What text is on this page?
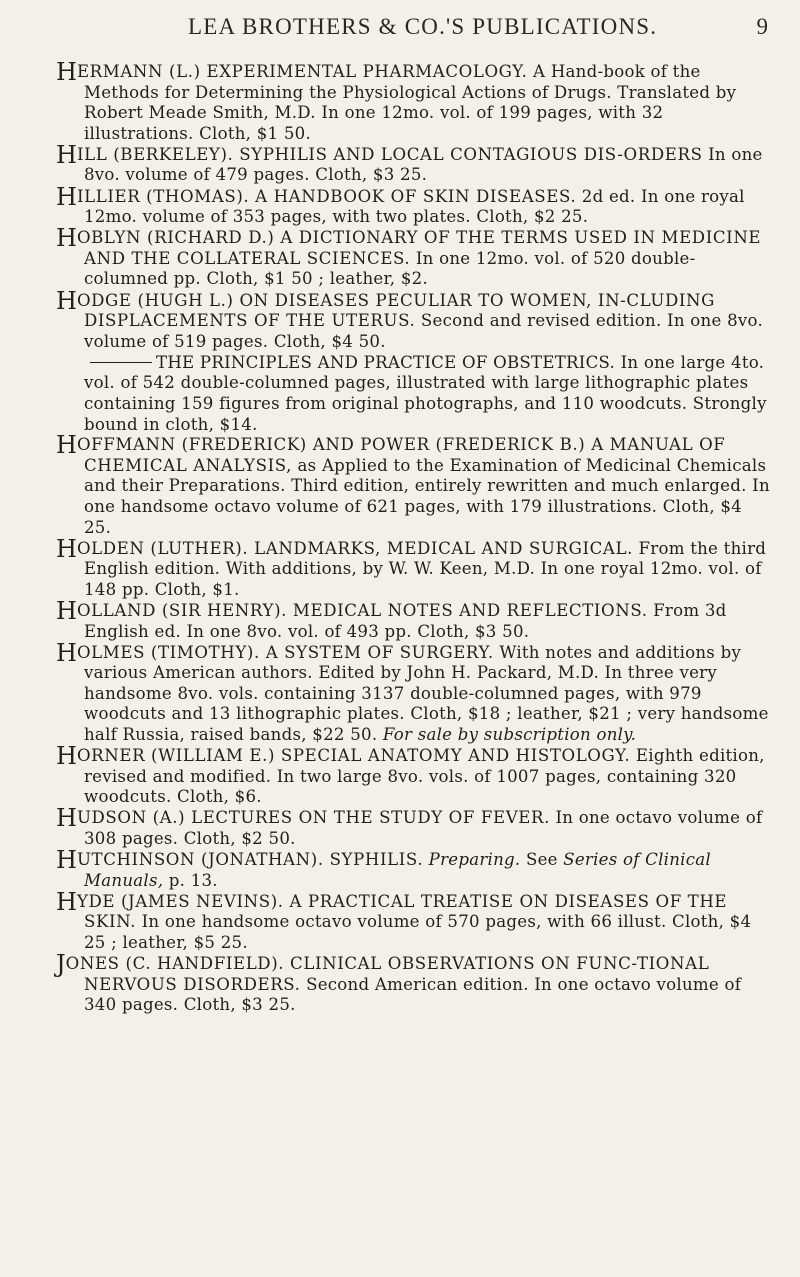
LEA BROTHERS & CO.'S PUBLICATIONS.	9
HERMANN (L.) EXPERIMENTAL PHARMACOLOGY. A Hand-book of the Methods for Determining the Physiological Actions of Drugs. Translated by Robert Meade Smith, M.D. In one 12mo. vol. of 199 pages, with 32 illustrations. Cloth, $1 50.
HILL (BERKELEY). SYPHILIS AND LOCAL CONTAGIOUS DIS-ORDERS In one 8vo. volume of 479 pages. Cloth, $3 25.
HILLIER (THOMAS). A HANDBOOK OF SKIN DISEASES. 2d ed. In one royal 12mo. volume of 353 pages, with two plates. Cloth, $2 25.
HOBLYN (RICHARD D.) A DICTIONARY OF THE TERMS USED IN MEDICINE AND THE COLLATERAL SCIENCES. In one 12mo. vol. of 520 double-columned pp. Cloth, $1 50 ; leather, $2.
HODGE (HUGH L.) ON DISEASES PECULIAR TO WOMEN, IN-CLUDING DISPLACEMENTS OF THE UTERUS. Second and revised edition. In one 8vo. volume of 519 pages. Cloth, $4 50.
THE PRINCIPLES AND PRACTICE OF OBSTETRICS. In one large 4to. vol. of 542 double-columned pages, illustrated with large lithographic plates containing 159 figures from original photographs, and 110 woodcuts. Strongly bound in cloth, $14.
HOFFMANN (FREDERICK) AND POWER (FREDERICK B.) A MANUAL OF CHEMICAL ANALYSIS, as Applied to the Examination of Medicinal Chemicals and their Preparations. Third edition, entirely rewritten and much enlarged. In one handsome octavo volume of 621 pages, with 179 illustrations. Cloth, $4 25.
HOLDEN (LUTHER). LANDMARKS, MEDICAL AND SURGICAL. From the third English edition. With additions, by W. W. Keen, M.D. In one royal 12mo. vol. of 148 pp. Cloth, $1.
HOLLAND (SIR HENRY). MEDICAL NOTES AND REFLECTIONS. From 3d English ed. In one 8vo. vol. of 493 pp. Cloth, $3 50.
HOLMES (TIMOTHY). A SYSTEM OF SURGERY. With notes and additions by various American authors. Edited by John H. Packard, M.D. In three very handsome 8vo. vols. containing 3137 double-columned pages, with 979 woodcuts and 13 lithographic plates. Cloth, $18 ; leather, $21 ; very handsome half Russia, raised bands, $22 50. For sale by subscription only.
HORNER (WILLIAM E.) SPECIAL ANATOMY AND HISTOLOGY. Eighth edition, revised and modified. In two large 8vo. vols. of 1007 pages, containing 320 woodcuts. Cloth, $6.
HUDSON (A.) LECTURES ON THE STUDY OF FEVER. In one octavo volume of 308 pages. Cloth, $2 50.
HUTCHINSON (JONATHAN). SYPHILIS. Preparing. See Series of Clinical Manuals, p. 13.
HYDE (JAMES NEVINS). A PRACTICAL TREATISE ON DISEASES OF THE SKIN. In one handsome octavo volume of 570 pages, with 66 illust. Cloth, $4 25 ; leather, $5 25.
JONES (C. HANDFIELD). CLINICAL OBSERVATIONS ON FUNC-TIONAL NERVOUS DISORDERS. Second American edition. In one octavo volume of 340 pages. Cloth, $3 25.
